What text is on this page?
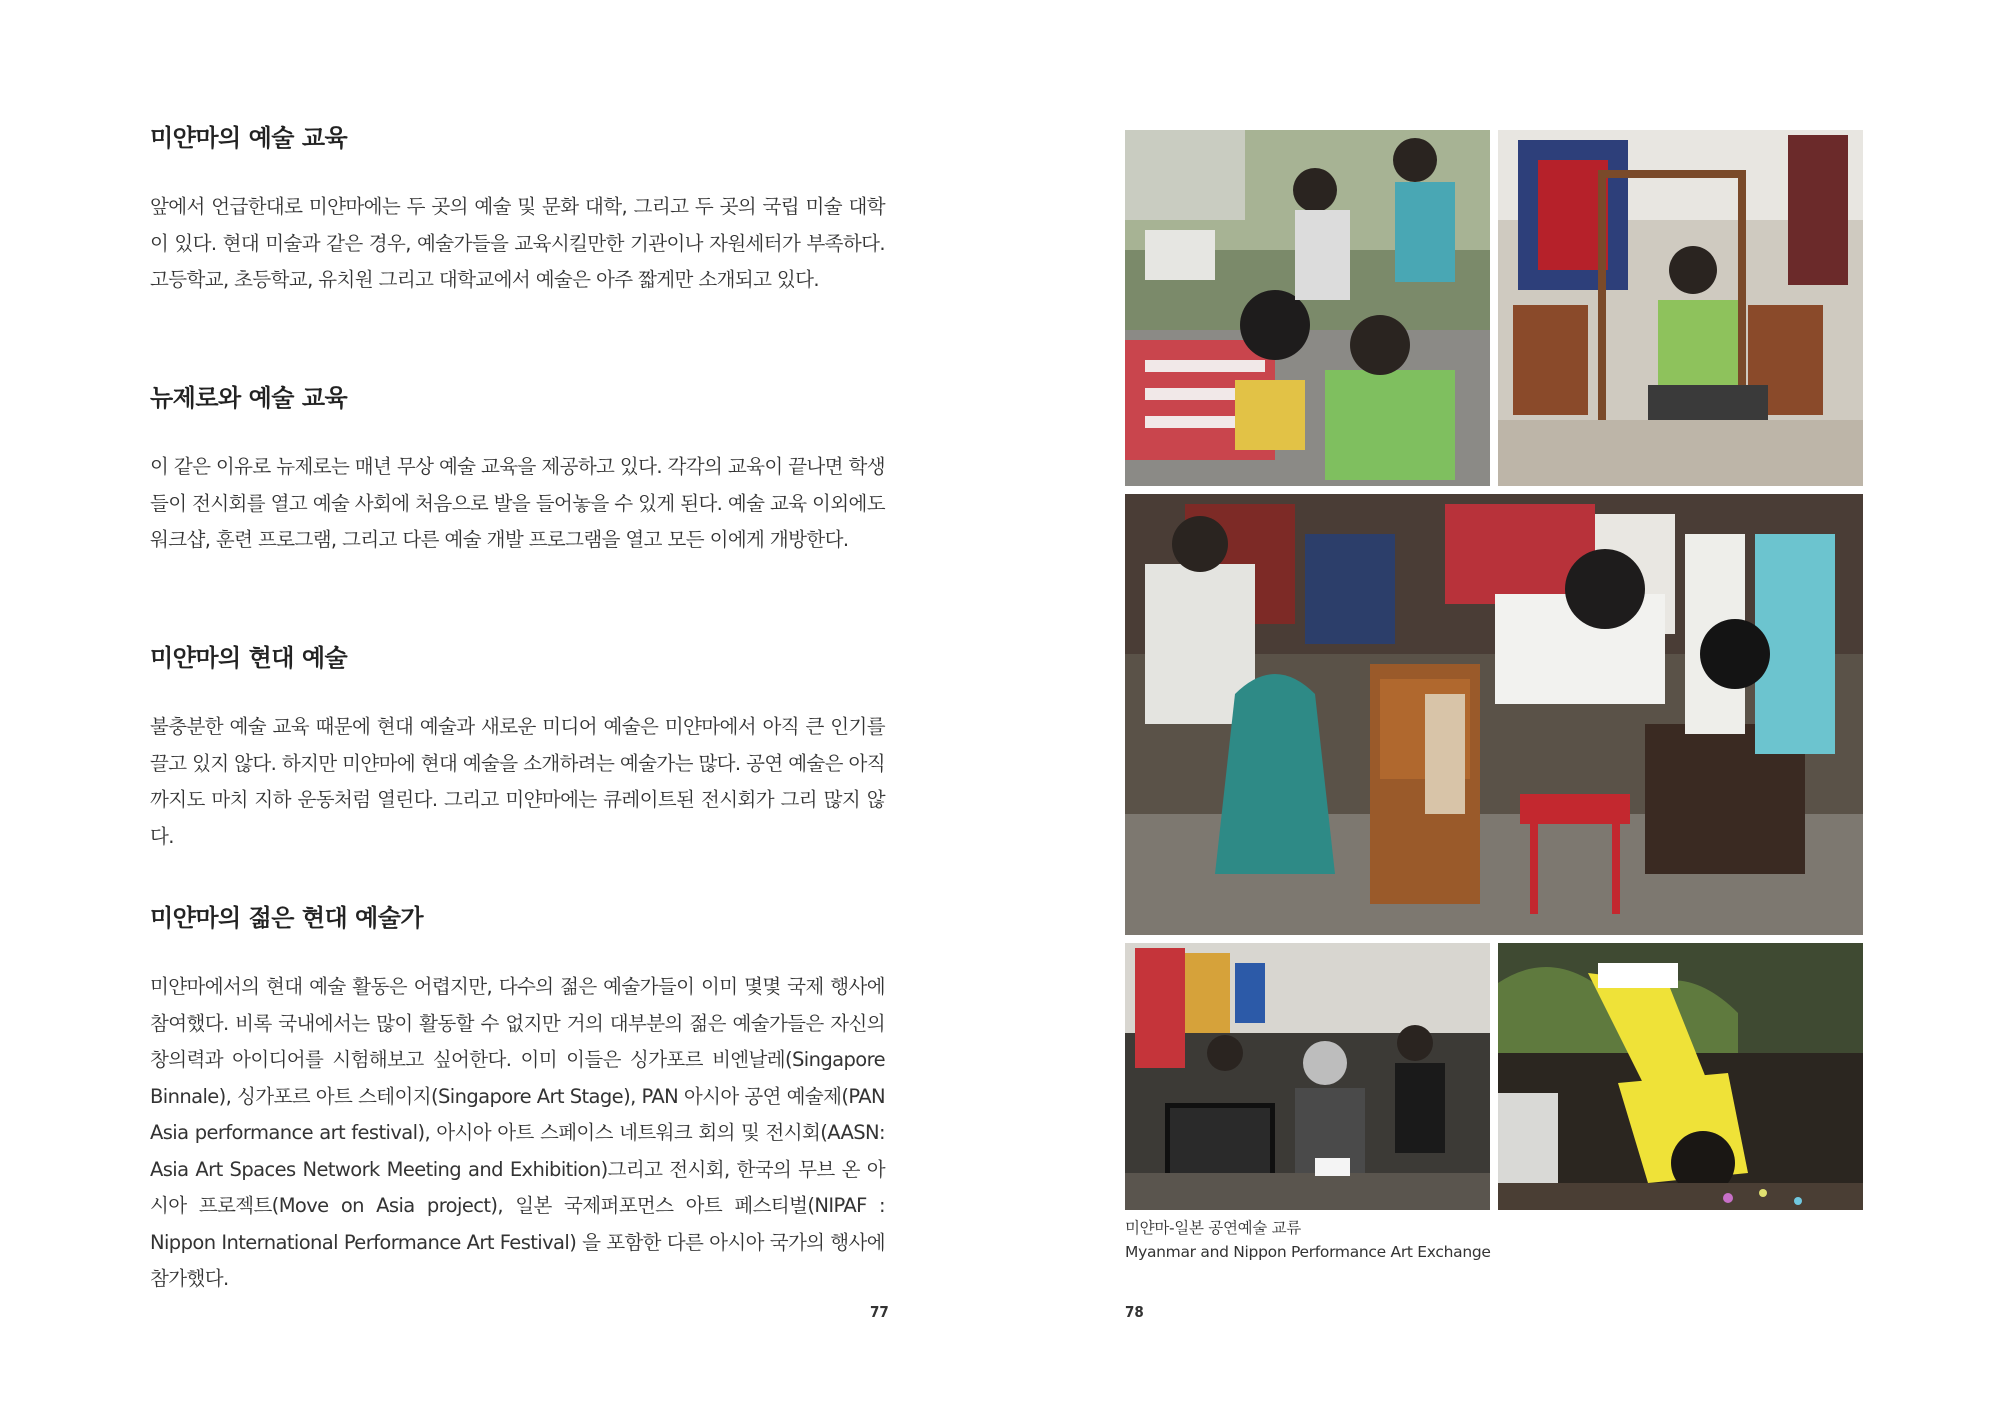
미얀마의 예술 교육

앞에서 언급한대로 미얀마에는 두 곳의 예술 및 문화 대학, 그리고 두 곳의 국립 미술 대학이 있다. 현대 미술과 같은 경우, 예술가들을 교육시킬만한 기관이나 자원세터가 부족하다. 고등학교, 초등학교, 유치원 그리고 대학교에서 예술은 아주 짧게만 소개되고 있다.

뉴제로와 예술 교육

이 같은 이유로 뉴제로는 매년 무상 예술 교육을 제공하고 있다. 각각의 교육이 끝나면 학생들이 전시회를 열고 예술 사회에 처음으로 발을 들어놓을 수 있게 된다. 예술 교육 이외에도 워크샵, 훈련 프로그램, 그리고 다른 예술 개발 프로그램을 열고 모든 이에게 개방한다.

미얀마의 현대 예술

불충분한 예술 교육 때문에 현대 예술과 새로운 미디어 예술은 미얀마에서 아직 큰 인기를 끌고 있지 않다. 하지만 미얀마에 현대 예술을 소개하려는 예술가는 많다. 공연 예술은 아직까지도 마치 지하 운동처럼 열린다. 그리고 미얀마에는 큐레이트된 전시회가 그리 많지 않다.

미얀마의 젊은 현대 예술가

미얀마에서의 현대 예술 활동은 어렵지만, 다수의 젊은 예술가들이 이미 몇몇 국제 행사에 참여했다. 비록 국내에서는 많이 활동할 수 없지만 거의 대부분의 젊은 예술가들은 자신의 창의력과 아이디어를 시험해보고 싶어한다. 이미 이들은 싱가포르 비엔날레(Singapore Binnale), 싱가포르 아트 스테이지(Singapore Art Stage), PAN 아시아 공연 예술제(PAN Asia performance art festival), 아시아 아트 스페이스 네트워크 회의 및 전시회(AASN: Asia Art Spaces Network Meeting and Exhibition)그리고 전시회, 한국의 무브 온 아시아 프로젝트(Move on Asia project), 일본 국제퍼포먼스 아트 페스티벌(NIPAF : Nippon International Performance Art Festival) 을 포함한 다른 아시아 국가의 행사에 참가했다.

77
미얀마-일본 공연예술 교류
Myanmar and Nippon Performance Art Exchange
78
